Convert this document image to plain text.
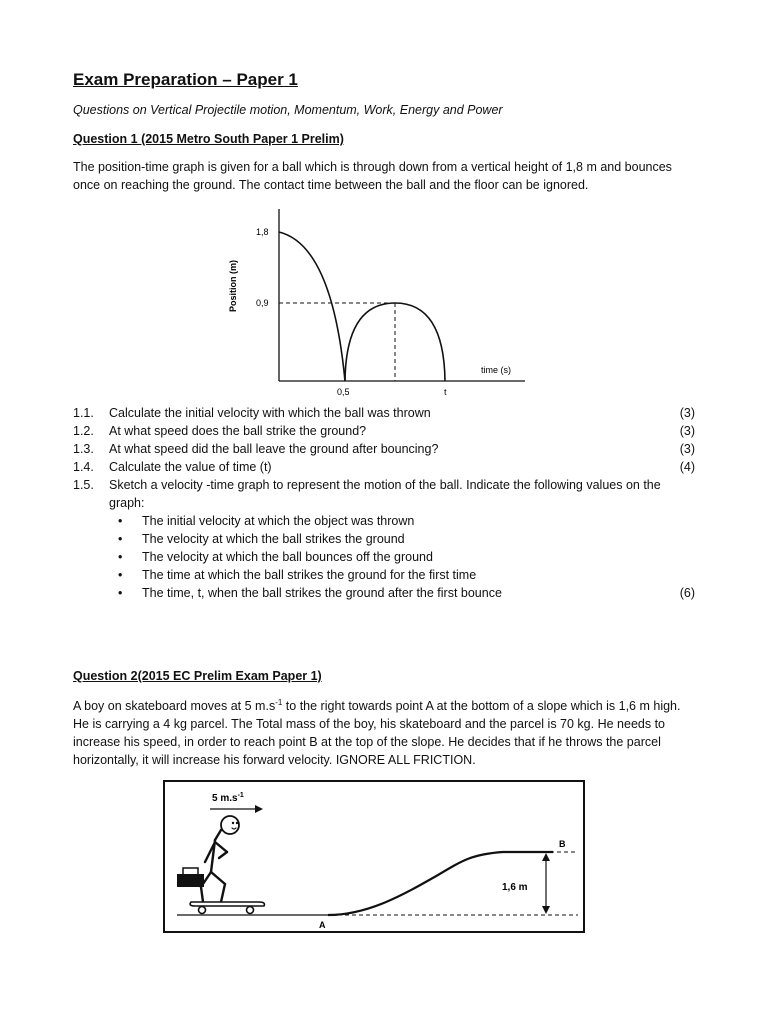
Exam Preparation – Paper 1
Questions on Vertical Projectile motion, Momentum, Work, Energy and Power
Question 1 (2015 Metro South Paper 1 Prelim)
The position-time graph is given for a ball which is through down from a vertical height of 1,8 m and bounces once on reaching the ground. The contact time between the ball and the floor can be ignored.
1.1.	Calculate the initial velocity with which the ball was thrown	(3)
1.2.	At what speed does the ball strike the ground?	(3)
1.3.	At what speed did the ball leave the ground after bouncing?	(3)
1.4.	Calculate the value of time (t)	(4)
1.5.	Sketch a velocity -time graph to represent the motion of the ball. Indicate the following values on the graph:
•	The initial velocity at which the object was thrown
•	The velocity at which the ball strikes the ground
•	The velocity at which the ball bounces off the ground
•	The time at which the ball strikes the ground for the first time
•	The time, t, when the ball strikes the ground after the first bounce	(6)
Question 2(2015 EC Prelim Exam Paper 1)
A boy on skateboard moves at 5 $m.s^{-1}$ to the right towards point A at the bottom of a slope which is 1,6 m high. He is carrying a 4 kg parcel. The Total mass of the boy, his skateboard and the parcel is 70 kg. He needs to increase his speed, in order to reach point B at the top of the slope. He decides that if he throws the parcel horizontally, it will increase his forward velocity. IGNORE ALL FRICTION.
1,8
0,9
0,5	t
time (s)
Position (m)
5 $m.s^{-1}$
1,6 m
A
B
